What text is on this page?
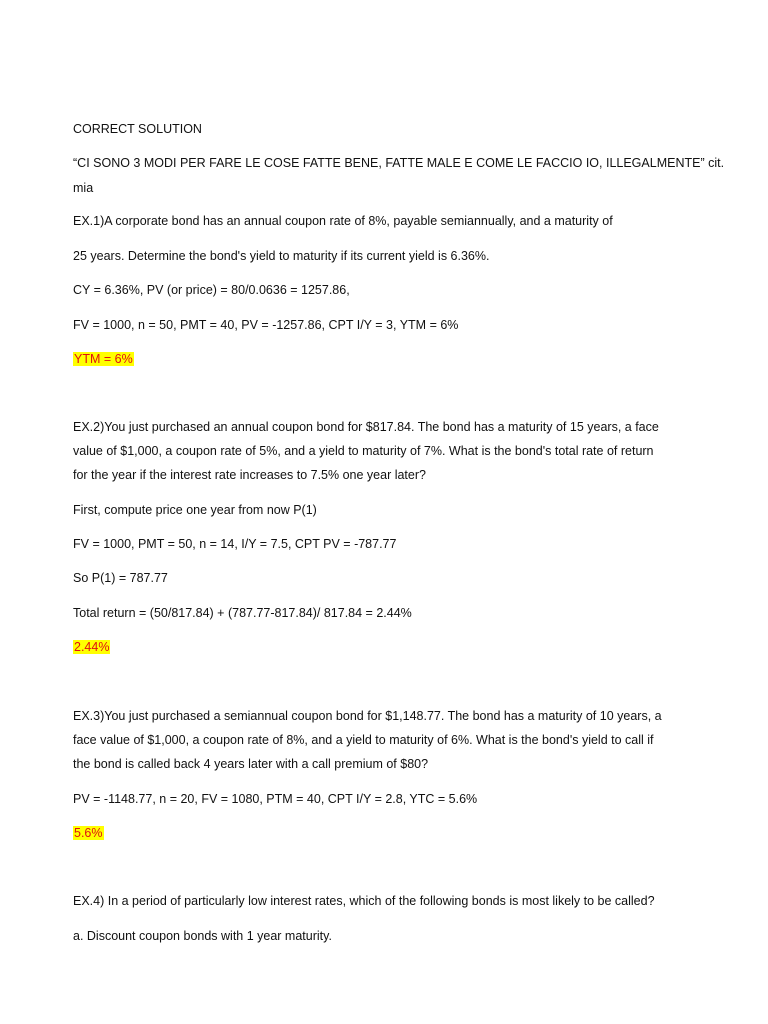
CORRECT SOLUTION

“CI SONO 3 MODI PER FARE LE COSE FATTE BENE, FATTE MALE E COME LE FACCIO IO, ILLEGALMENTE” cit.

mia

EX.1)A corporate bond has an annual coupon rate of 8%, payable semiannually, and a maturity of

25 years. Determine the bond's yield to maturity if its current yield is 6.36%.

CY = 6.36%, PV (or price) = 80/0.0636 = 1257.86,

FV = 1000, n = 50, PMT = 40, PV = -1257.86, CPT I/Y = 3, YTM = 6%

YTM = 6%

EX.2)You just purchased an annual coupon bond for $817.84. The bond has a maturity of 15 years, a face

value of $1,000, a coupon rate of 5%, and a yield to maturity of 7%. What is the bond's total rate of return

for the year if the interest rate increases to 7.5% one year later?

First, compute price one year from now P(1)

FV = 1000, PMT = 50, n = 14, I/Y = 7.5, CPT PV = -787.77

So P(1) = 787.77

Total return = (50/817.84) + (787.77-817.84)/ 817.84 = 2.44%

2.44%

EX.3)You just purchased a semiannual coupon bond for $1,148.77. The bond has a maturity of 10 years, a

face value of $1,000, a coupon rate of 8%, and a yield to maturity of 6%. What is the bond's yield to call if

the bond is called back 4 years later with a call premium of $80?

PV = -1148.77, n = 20, FV = 1080, PTM = 40, CPT I/Y = 2.8, YTC = 5.6%

5.6%

EX.4) In a period of particularly low interest rates, which of the following bonds is most likely to be called?

a. Discount coupon bonds with 1 year maturity.
